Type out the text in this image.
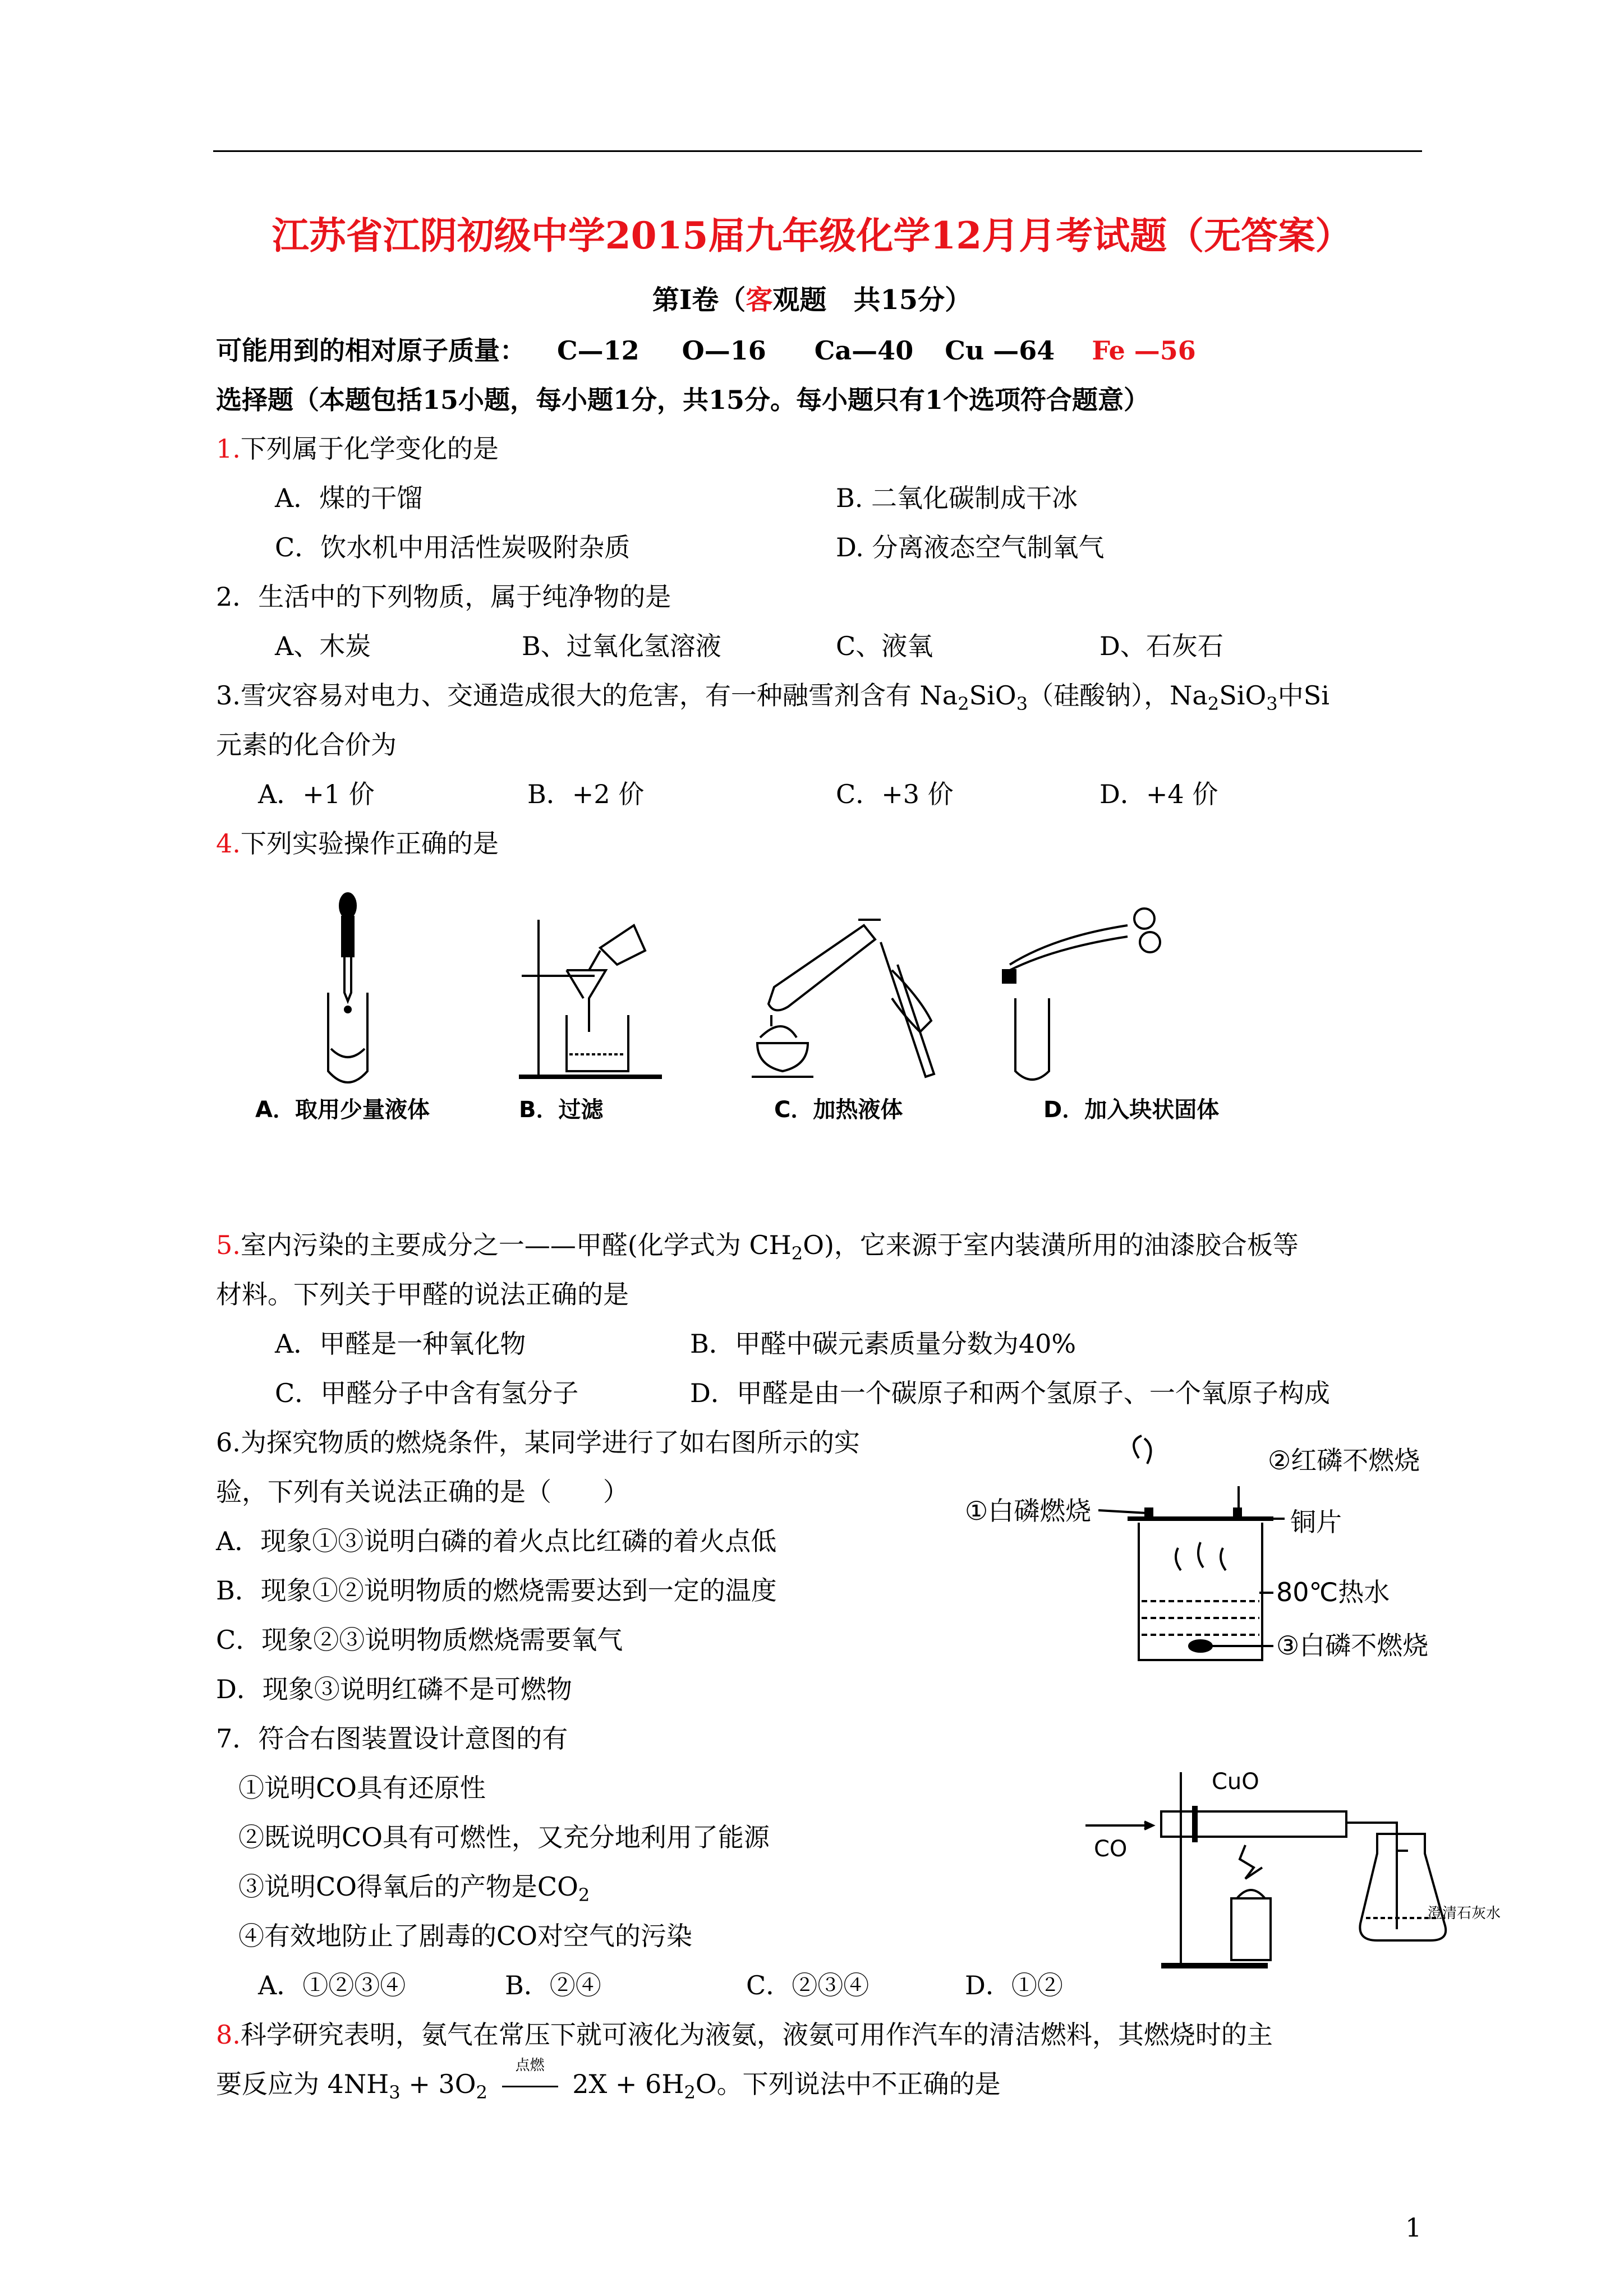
江苏省江阴初级中学2015届九年级化学12月月考试题（无答案）
第Ⅰ卷（客观题　共15分）
可能用到的相对原子质量： C—12 O—16 Ca—40 Cu —64 Fe —56
选择题（本题包括15小题，每小题1分，共15分。每小题只有1个选项符合题意）
1.下列属于化学变化的是
A．煤的干馏	B. 二氧化碳制成干冰
C．饮水机中用活性炭吸附杂质	D. 分离液态空气制氧气
2．生活中的下列物质，属于纯净物的是
A、木炭	B、过氧化氢溶液	C、液氧	D、石灰石
3.雪灾容易对电力、交通造成很大的危害，有一种融雪剂含有 $Na_2SiO_3$（硅酸钠），$Na_2SiO_3$中Si
元素的化合价为
A．+1 价	B．+2 价	C．+3 价	D．+4 价
4.下列实验操作正确的是
A．取用少量液体	B．过滤	C．加热液体	D．加入块状固体
5.室内污染的主要成分之一——甲醛(化学式为 $CH_2O$)，它来源于室内装潢所用的油漆胶合板等
材料。下列关于甲醛的说法正确的是
A．甲醛是一种氧化物	B．甲醛中碳元素质量分数为40%
C．甲醛分子中含有氢分子	D．甲醛是由一个碳原子和两个氢原子、一个氧原子构成
6.为探究物质的燃烧条件，某同学进行了如右图所示的实
验，下列有关说法正确的是（　　）
A．现象①③说明白磷的着火点比红磷的着火点低
B．现象①②说明物质的燃烧需要达到一定的温度
C．现象②③说明物质燃烧需要氧气
D．现象③说明红磷不是可燃物
①白磷燃烧
②红磷不燃烧
铜片
80℃热水
③白磷不燃烧
7．符合右图装置设计意图的有
①说明CO具有还原性
②既说明CO具有可燃性，又充分地利用了能源
③说明CO得氧后的产物是$CO_2$
④有效地防止了剧毒的CO对空气的污染
A．①②③④	B．②④	C．②③④	D．①②
CuO
CO
澄清石灰水
8.科学研究表明，氨气在常压下就可液化为液氨，液氨可用作汽车的清洁燃料，其燃烧时的主
要反应为 $4NH_3 + 3O_2$
点燃
$2X + 6H_2O$。下列说法中不正确的是
1
